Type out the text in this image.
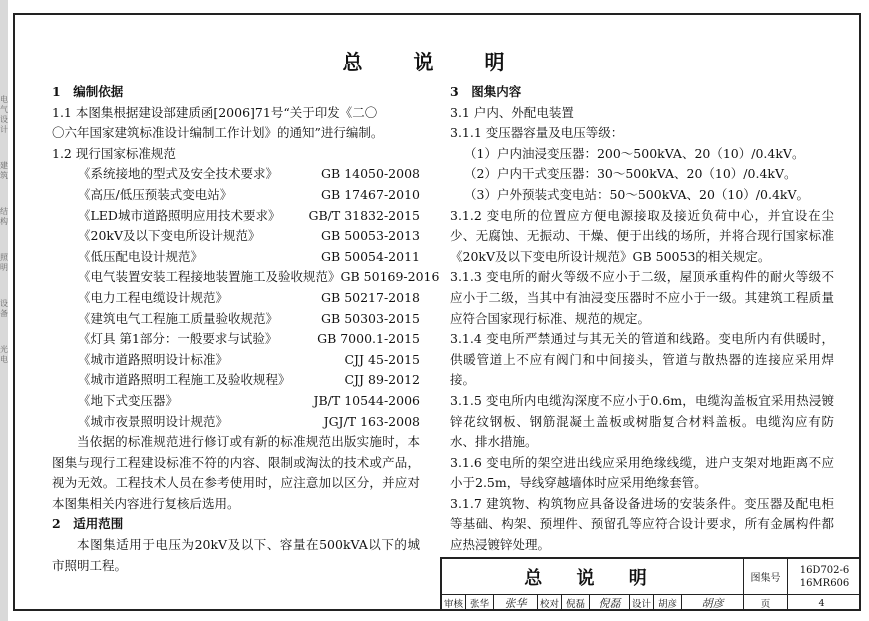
电气设计
建筑
结构
照明
设备
光电
总 说 明
1　编制依据
1.1 本图集根据建设部建质函[2006]71号“关于印发《二〇
〇六年国家建筑标准设计编制工作计划》的通知”进行编制。
1.2 现行国家标准规范
《系统接地的型式及安全技术要求》	GB 14050-2008
《高压/低压预装式变电站》	GB 17467-2010
《LED城市道路照明应用技术要求》 GB/T 31832-2015
《20kV及以下变电所设计规范》	GB 50053-2013
《低压配电设计规范》	GB 50054-2011
《电气装置安装工程接地装置施工及验收规范》 GB 50169-2016
《电力工程电缆设计规范》	GB 50217-2018
《建筑电气工程施工质量验收规范》	GB 50303-2015
《灯具 第1部分：一般要求与试验》	GB 7000.1-2015
《城市道路照明设计标准》	CJJ 45-2015
《城市道路照明工程施工及验收规程》	CJJ 89-2012
《地下式变压器》	JB/T 10544-2006
《城市夜景照明设计规范》	JGJ/T 163-2008
当依据的标准规范进行修订或有新的标准规范出版实施时，本图集与现行工程建设标准不符的内容、限制或淘汰的技术或产品，视为无效。工程技术人员在参考使用时，应注意加以区分，并应对本图集相关内容进行复核后选用。
2　适用范围
本图集适用于电压为20kV及以下、容量在500kVA以下的城市照明工程。
3　图集内容
3.1 户内、外配电装置
3.1.1 变压器容量及电压等级：
（1）户内油浸变压器：200～500kVA、20（10）/0.4kV。
（2）户内干式变压器：30～500kVA、20（10）/0.4kV。
（3）户外预装式变电站：50～500kVA、20（10）/0.4kV。
3.1.2 变电所的位置应方便电源接取及接近负荷中心，并宜设在尘少、无腐蚀、无振动、干燥、便于出线的场所，并将合现行国家标准《20kV及以下变电所设计规范》GB 50053的相关规定。
3.1.3 变电所的耐火等级不应小于二级，屋顶承重构件的耐火等级不应小于二级，当其中有油浸变压器时不应小于一级。其建筑工程质量应符合国家现行标准、规范的规定。
3.1.4 变电所严禁通过与其无关的管道和线路。变电所内有供暖时，供暖管道上不应有阀门和中间接头，管道与散热器的连接应采用焊接。
3.1.5 变电所内电缆沟深度不应小于0.6m，电缆沟盖板宜采用热浸镀锌花纹钢板、钢筋混凝土盖板或树脂复合材料盖板。电缆沟应有防水、排水措施。
3.1.6 变电所的架空进出线应采用绝缘线缆，进户支架对地距离不应小于2.5m，导线穿越墙体时应采用绝缘套管。
3.1.7 建筑物、构筑物应具备设备进场的安装条件。变压器及配电柜等基础、构架、预埋件、预留孔等应符合设计要求，所有金属构件都应热浸镀锌处理。
总 说 明	图集号
16D702-6
16MR606
审核 张华	张华	校对 倪磊	倪磊	设计 胡彦	胡彦	页	4
